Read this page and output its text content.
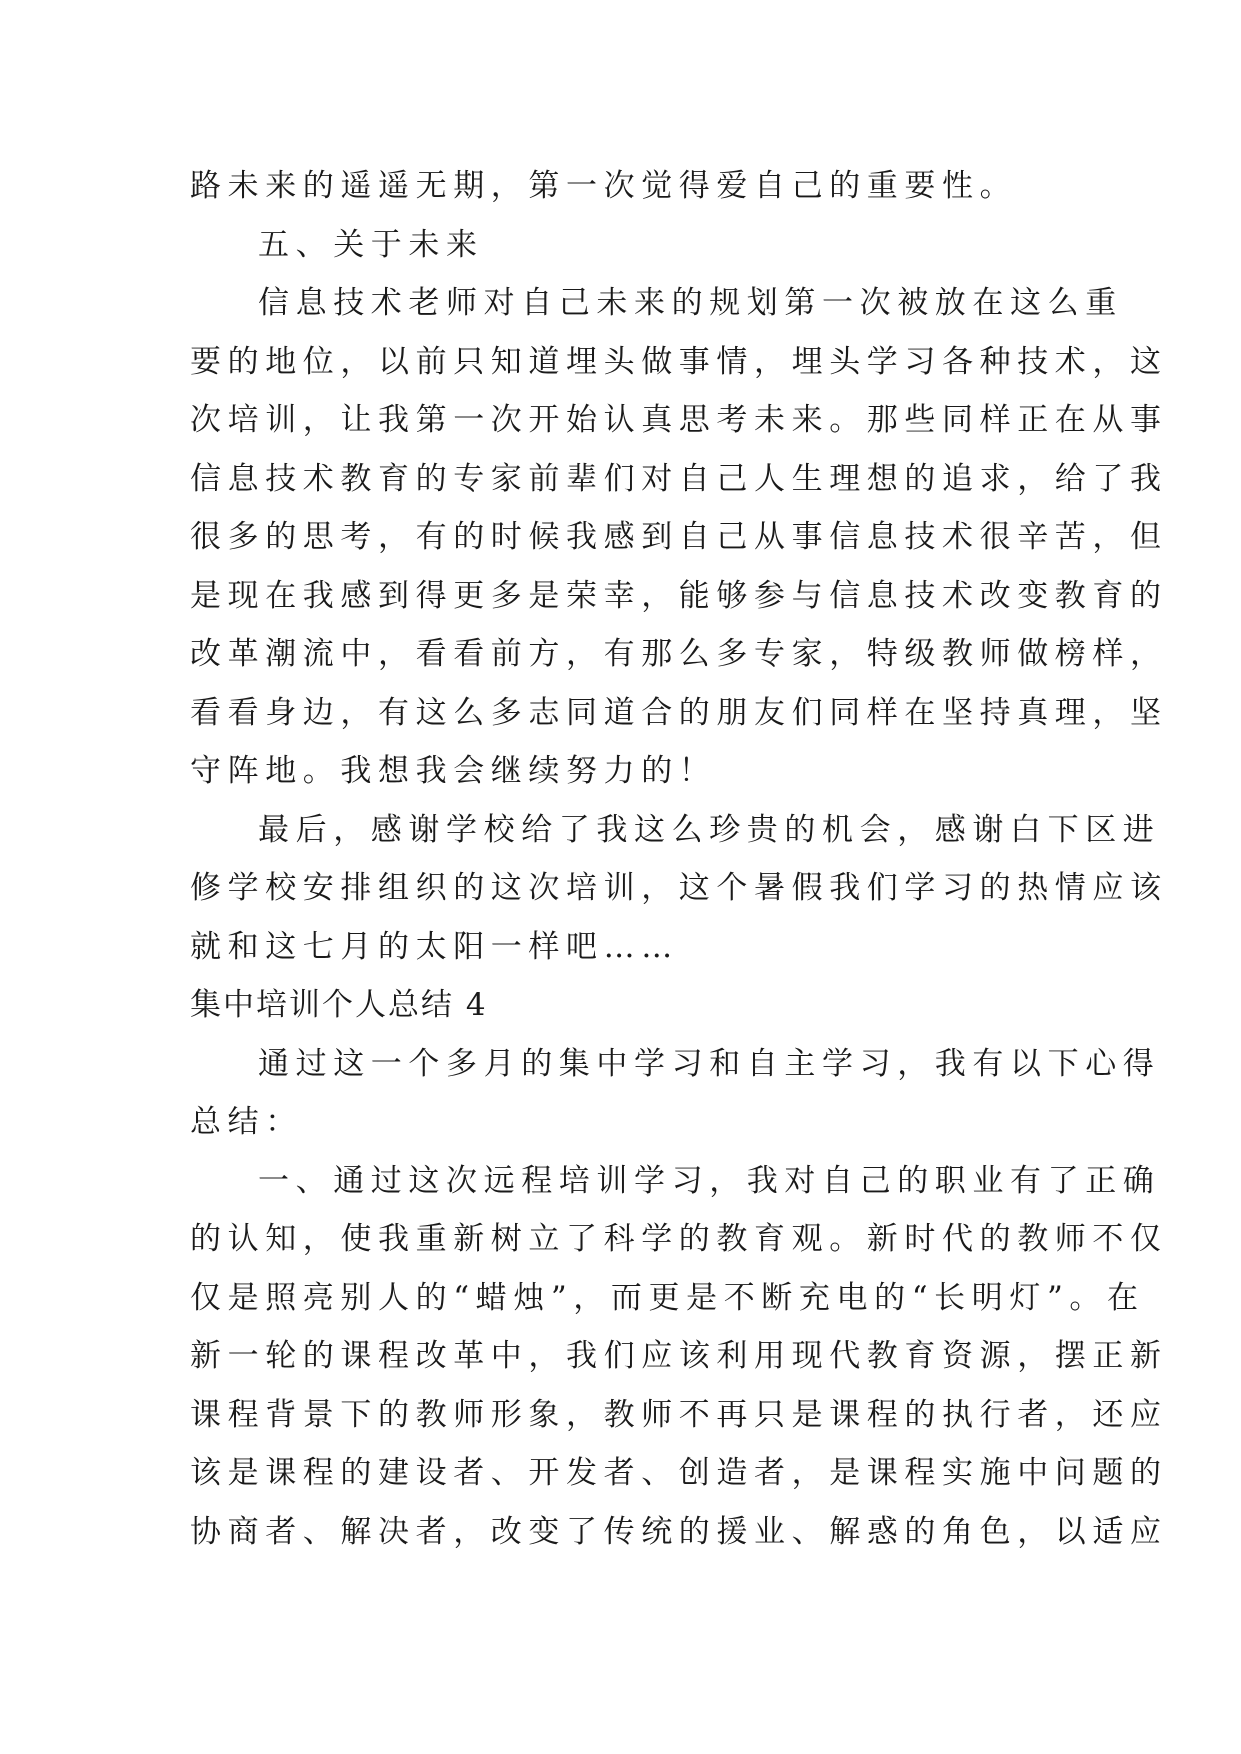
路未来的遥遥无期，第一次觉得爱自己的重要性。
五、关于未来
信息技术老师对自己未来的规划第一次被放在这么重
要的地位，以前只知道埋头做事情，埋头学习各种技术，这
次培训，让我第一次开始认真思考未来。那些同样正在从事
信息技术教育的专家前辈们对自己人生理想的追求，给了我
很多的思考，有的时候我感到自己从事信息技术很辛苦，但
是现在我感到得更多是荣幸，能够参与信息技术改变教育的
改革潮流中，看看前方，有那么多专家，特级教师做榜样，
看看身边，有这么多志同道合的朋友们同样在坚持真理，坚
守阵地。我想我会继续努力的！
最后，感谢学校给了我这么珍贵的机会，感谢白下区进
修学校安排组织的这次培训，这个暑假我们学习的热情应该
就和这七月的太阳一样吧……
集中培训个人总结 4
通过这一个多月的集中学习和自主学习，我有以下心得
总结：
一、通过这次远程培训学习，我对自己的职业有了正确
的认知，使我重新树立了科学的教育观。新时代的教师不仅
仅是照亮别人的“蜡烛”，而更是不断充电的“长明灯”。在
新一轮的课程改革中，我们应该利用现代教育资源，摆正新
课程背景下的教师形象，教师不再只是课程的执行者，还应
该是课程的建设者、开发者、创造者，是课程实施中问题的
协商者、解决者，改变了传统的援业、解惑的角色，以适应
